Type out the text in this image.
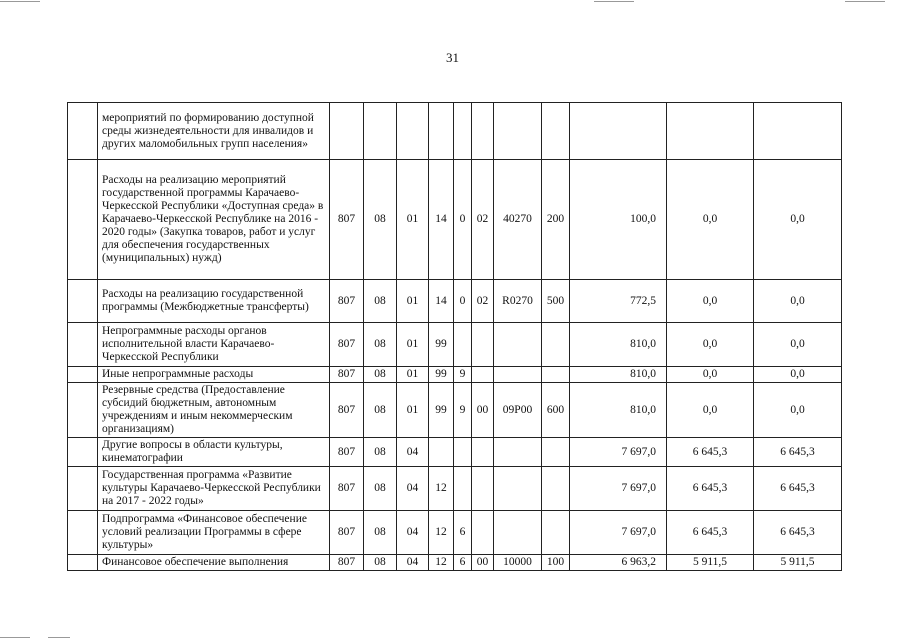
31
	мероприятий по формированию доступной среды жизнедеятельности для инвалидов и других маломобильных групп населения»											
	Расходы на реализацию мероприятий государственной программы Карачаево-Черкесской Республики «Доступная среда» в Карачаево-Черкесской Республике на 2016 - 2020 годы» (Закупка товаров, работ и услуг для обеспечения государственных (муниципальных) нужд)	807	08	01	14	0	02	40270	200	100,0	0,0	0,0
	Расходы на реализацию государственной программы (Межбюджетные трансферты)	807	08	01	14	0	02	R0270	500	772,5	0,0	0,0
	Непрограммные расходы органов исполнительной власти Карачаево-Черкесской Республики	807	08	01	99					810,0	0,0	0,0
	Иные непрограммные расходы	807	08	01	99	9				810,0	0,0	0,0
	Резервные средства (Предоставление субсидий бюджетным, автономным учреждениям и иным некоммерческим организациям)	807	08	01	99	9	00	09P00	600	810,0	0,0	0,0
	Другие вопросы в области культуры, кинематографии	807	08	04						7 697,0	6 645,3	6 645,3
	Государственная программа «Развитие культуры Карачаево-Черкесской Республики на 2017 - 2022 годы»	807	08	04	12					7 697,0	6 645,3	6 645,3
	Подпрограмма «Финансовое обеспечение условий реализации Программы в сфере культуры»	807	08	04	12	6				7 697,0	6 645,3	6 645,3
	Финансовое обеспечение выполнения	807	08	04	12	6	00	10000	100	6 963,2	5 911,5	5 911,5
